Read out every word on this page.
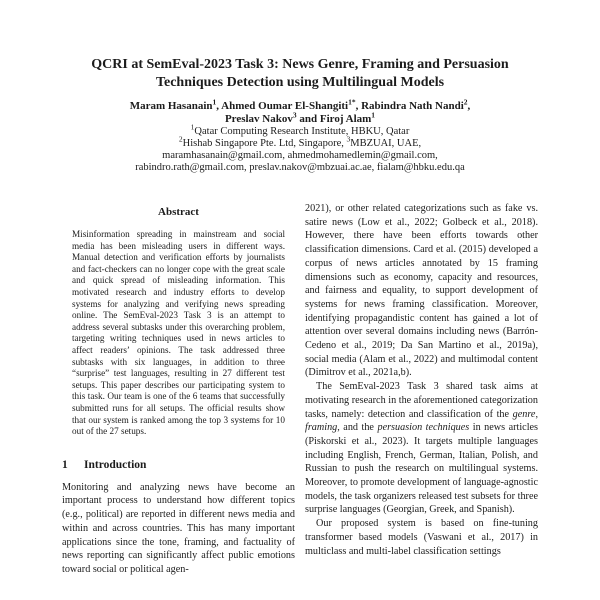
QCRI at SemEval-2023 Task 3: News Genre, Framing and Persuasion
Techniques Detection using Multilingual Models
Maram Hasanain$^1$, Ahmed Oumar El-Shangiti$^{1*}$, Rabindra Nath Nandi$^2$,
Preslav Nakov$^3$ and Firoj Alam$^1$
$^1$Qatar Computing Research Institute, HBKU, Qatar
$^2$Hishab Singapore Pte. Ltd, Singapore, $^3$MBZUAI, UAE,
maramhasanain@gmail.com, ahmedmohamedlemin@gmail.com,
rabindro.rath@gmail.com, preslav.nakov@mbzuai.ac.ae, fialam@hbku.edu.qa
Abstract

Misinformation spreading in mainstream and social media has been misleading users in different ways. Manual detection and verification efforts by journalists and fact-checkers can no longer cope with the great scale and quick spread of misleading information. This motivated research and industry efforts to develop systems for analyzing and verifying news spreading online. The SemEval-2023 Task 3 is an attempt to address several subtasks under this overarching problem, targeting writing techniques used in news articles to affect readers’ opinions. The task addressed three subtasks with six languages, in addition to three “surprise” test languages, resulting in 27 different test setups. This paper describes our participating system to this task. Our team is one of the 6 teams that successfully submitted runs for all setups. The official results show that our system is ranked among the top 3 systems for 10 out of the 27 setups.

1 Introduction

Monitoring and analyzing news have become an important process to understand how different topics (e.g., political) are reported in different news media and within and across countries. This has many important applications since the tone, framing, and factuality of news reporting can significantly affect public emotions toward social or political agen-

2021), or other related categorizations such as fake vs. satire news (Low et al., 2022; Golbeck et al., 2018). However, there have been efforts towards other classification dimensions. Card et al. (2015) developed a corpus of news articles annotated by 15 framing dimensions such as economy, capacity and resources, and fairness and equality, to support development of systems for news framing classification. Moreover, identifying propagandistic content has gained a lot of attention over several domains including news (Barrón-Cedeno et al., 2019; Da San Martino et al., 2019a), social media (Alam et al., 2022) and multimodal content (Dimitrov et al., 2021a,b).

The SemEval-2023 Task 3 shared task aims at motivating research in the aforementioned categorization tasks, namely: detection and classification of the genre, framing, and the persuasion techniques in news articles (Piskorski et al., 2023). It targets multiple languages including English, French, German, Italian, Polish, and Russian to push the research on multilingual systems. Moreover, to promote development of language-agnostic models, the task organizers released test subsets for three surprise languages (Georgian, Greek, and Spanish).

Our proposed system is based on fine-tuning transformer based models (Vaswani et al., 2017) in multiclass and multi-label classification settings
